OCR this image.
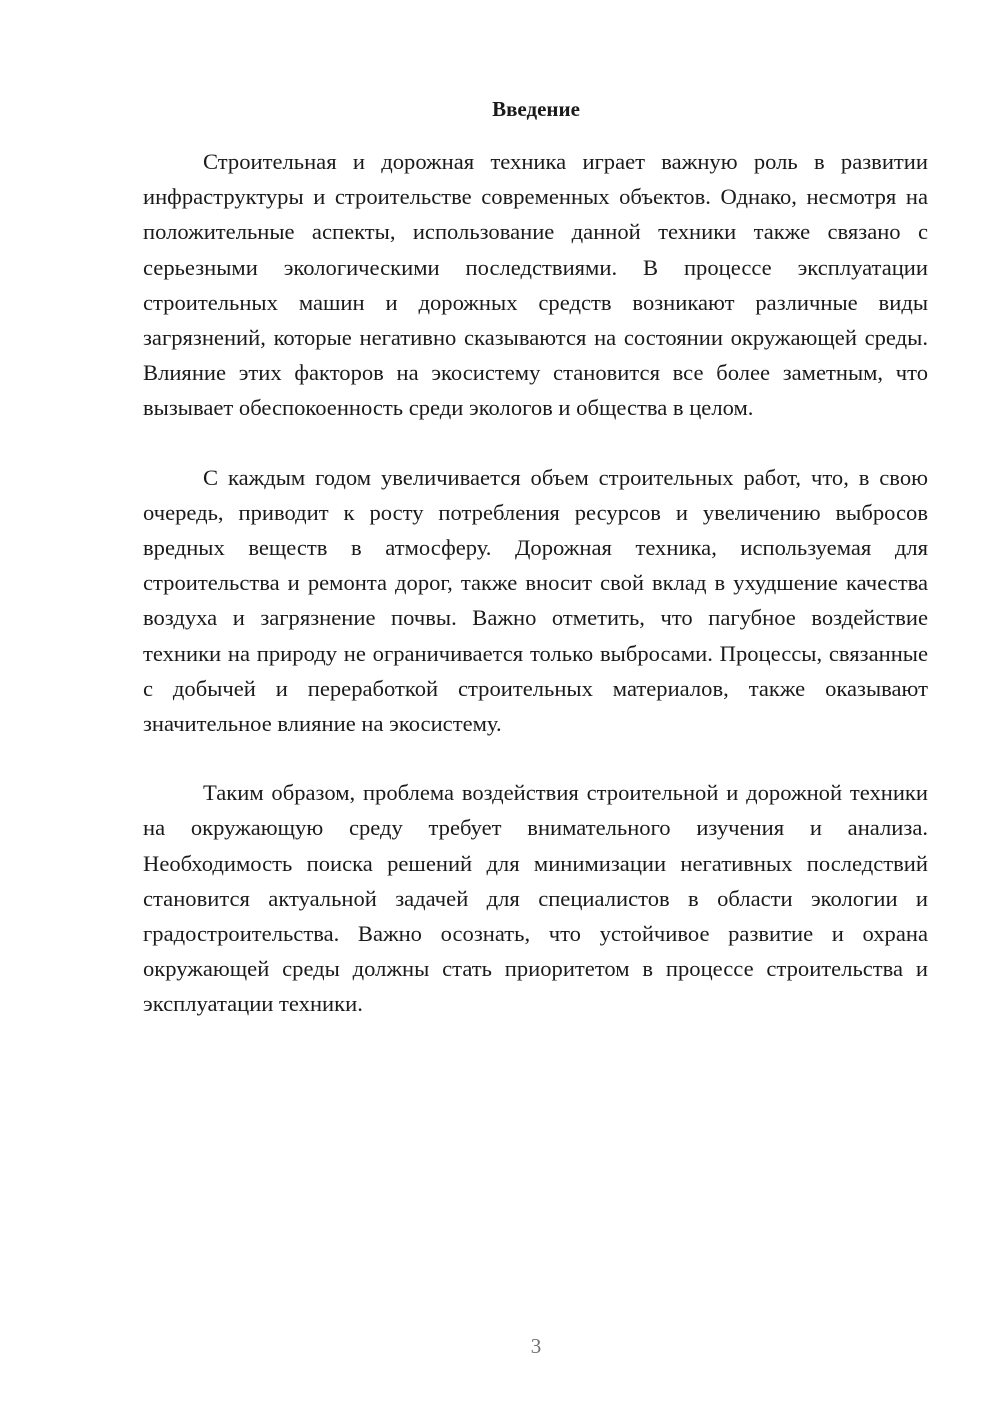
Введение

Строительная и дорожная техника играет важную роль в развитии инфраструктуры и строительстве современных объектов. Однако, несмотря на положительные аспекты, использование данной техники также связано с серьезными экологическими последствиями. В процессе эксплуатации строительных машин и дорожных средств возникают различные виды загрязнений, которые негативно сказываются на состоянии окружающей среды. Влияние этих факторов на экосистему становится все более заметным, что вызывает обеспокоенность среди экологов и общества в целом.

С каждым годом увеличивается объем строительных работ, что, в свою очередь, приводит к росту потребления ресурсов и увеличению выбросов вредных веществ в атмосферу. Дорожная техника, используемая для строительства и ремонта дорог, также вносит свой вклад в ухудшение качества воздуха и загрязнение почвы. Важно отметить, что пагубное воздействие техники на природу не ограничивается только выбросами. Процессы, связанные с добычей и переработкой строительных материалов, также оказывают значительное влияние на экосистему.

Таким образом, проблема воздействия строительной и дорожной техники на окружающую среду требует внимательного изучения и анализа. Необходимость поиска решений для минимизации негативных последствий становится актуальной задачей для специалистов в области экологии и градостроительства. Важно осознать, что устойчивое развитие и охрана окружающей среды должны стать приоритетом в процессе строительства и эксплуатации техники.

3
